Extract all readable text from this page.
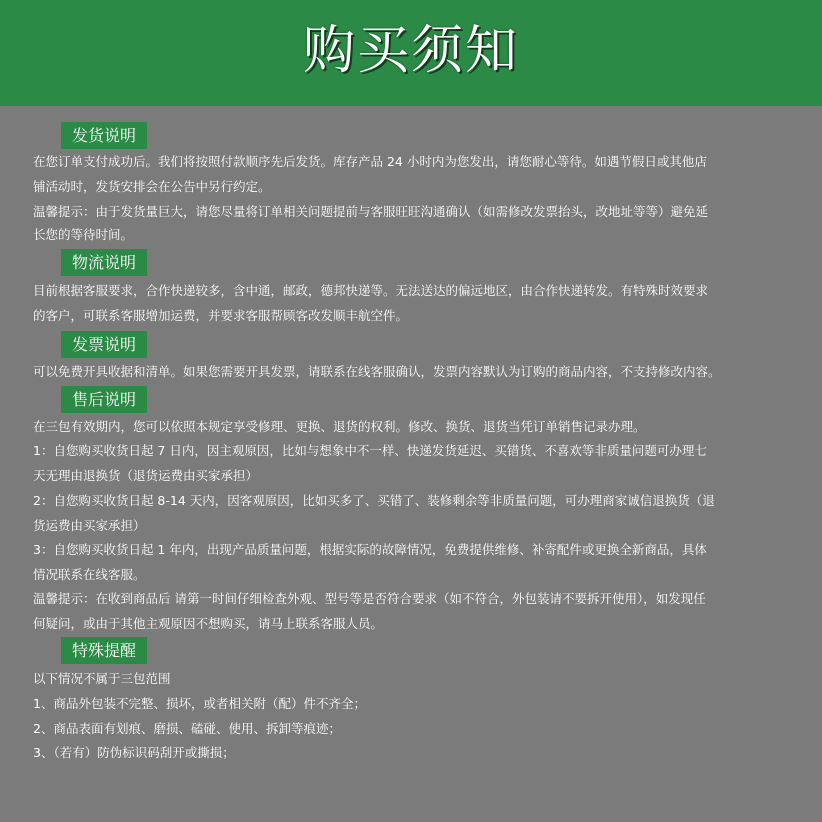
购买须知
发货说明
在您订单支付成功后。我们将按照付款顺序先后发货。库存产品 24 小时内为您发出，请您耐心等待。如遇节假日或其他店
铺活动时，发货安排会在公告中另行约定。
温馨提示：由于发货量巨大，请您尽量将订单相关问题提前与客服旺旺沟通确认（如需修改发票抬头，改地址等等）避免延
长您的等待时间。
物流说明
目前根据客服要求，合作快递较多，含中通，邮政，德邦快递等。无法送达的偏远地区，由合作快递转发。有特殊时效要求
的客户，可联系客服增加运费，并要求客服帮顾客改发顺丰航空件。
发票说明
可以免费开具收据和清单。如果您需要开具发票，请联系在线客服确认，发票内容默认为订购的商品内容，不支持修改内容。
售后说明
在三包有效期内，您可以依照本规定享受修理、更换、退货的权利。修改、换货、退货当凭订单销售记录办理。
1：自您购买收货日起 7 日内，因主观原因，比如与想象中不一样、快递发货延迟、买错货、不喜欢等非质量问题可办理七
天无理由退换货（退货运费由买家承担）
2：自您购买收货日起 8-14 天内，因客观原因，比如买多了、买错了、装修剩余等非质量问题，可办理商家诚信退换货（退
货运费由买家承担）
3：自您购买收货日起 1 年内，出现产品质量问题，根据实际的故障情况，免费提供维修、补寄配件或更换全新商品，具体
情况联系在线客服。
温馨提示：在收到商品后 请第一时间仔细检查外观、型号等是否符合要求（如不符合，外包装请不要拆开使用），如发现任
何疑问，或由于其他主观原因不想购买，请马上联系客服人员。
特殊提醒
以下情况不属于三包范围
1、商品外包装不完整、损坏，或者相关附（配）件不齐全；
2、商品表面有划痕、磨损、磕碰、使用、拆卸等痕迹；
3、（若有）防伪标识码刮开或撕损；
